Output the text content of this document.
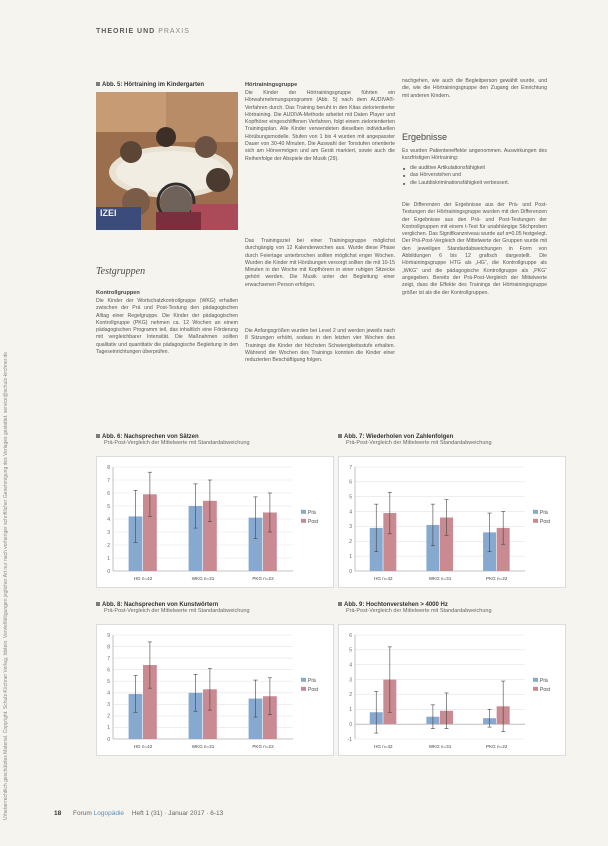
THEORIE UND PRAXIS
Urheberrechtlich geschütztes Material. Copyright: Schulz-Kirchner Verlag, Idstein. Vervielfältigungen jeglicher Art nur nach vorheriger schriftlicher Genehmigung des Verlages gestattet. service@schulz-kirchner.de
Abb. 5: Hörtraining im Kindergarten
IZEI
Testgruppen
Kontrollgruppen
Die Kinder der Wortschatzkontrollgruppe (WKG) erhalten zwischen der Prä und Post-Testung den pädagogischen Alltag einer Regelgruppe. Die Kinder der pädagogischen Kontrollgruppe (PKG) nehmen ca. 12 Wochen an einem pädagogischen Programm teil, das inhaltlich eine Förderung mit vergleichbarer Intensität. Die Maßnahmen sollten qualitativ und quantitativ die pädagogische Begleitung in den Tageseinrichtungen überprüfen.
Hörtrainingsgruppe
Die Kinder der Hörtrainingsgruppe führten ein Hörwahrnehmungsprogramm (Abb. 5) nach dem AUDIVA®-Verfahren durch. Das Training beruht in den Kitas zielorientierter Hörtraining. Die AUDIVA-Methode arbeitet mit Daten Player und Kopfhörer eingeschliffenen Verfahren, folgt einem zielorientierten Trainingsplan. Alle Kinder verwendeten dieselben individuellen Hörübungsmodelle. Stufen von 1 bis 4 wurden mit angepasster Dauer von 30-40 Minuten. Die Auswahl der Tonstufen orientierte sich am Hörvermögen und am Gerät markiert, sowie auch die Reihenfolge der Abspiele der Musik (29).
Das Trainingsziel bei einer Trainingsgruppe möglichst durchgängig von 12 Kalenderwochen aus. Wurde diese Phase durch Feiertage unterbrochen sollten möglichst enger Wochen. Wurden die Kinder mit Hörübungen versorgt sollten die mit 10-15 Minuten in der Woche mit Kopfhörern in einer ruhigen Sitzecke gehört werden. Die Musik unter der Begleitung einer erwachsenen Person erfolgen.
Die Anfangsgrößen wurden bei Level 2 und werden jeweils nach 8 Sitzungen erhöht, sodass in den letzten vier Wochen des Trainings die Kinder der höchsten Schwierigkeitsstufe erhalten. Während der Wochen des Trainings konnten die Kinder einer reduzierten Beschäftigung folgen.
nachgehen, wie auch die Begleitperson gewählt wurde, und die, wie die Hörtrainingsgruppe den Zugang der Einrichtung mit anderen Kindern.
Ergebnisse
Es wurden Patienteneffekte angenommen. Auswirkungen des kurzfristigen Hörtraining:
■ die auditive Artikulationsfähigkeit
■ das Hörverstehen und
■ die Lautdiskriminationsfähigkeit verbessert.
Die Differenzen der Ergebnisse aus der Prä- und Post-Testungen der Hörtrainingsgruppe wurden mit den Differenzen der Ergebnisse aus den Prä- und Post-Testungen der Kontrollgruppen mit einem t-Test für unabhängige Stichproben verglichen. Das Signifikanzniveau wurde auf α=0.05 festgelegt. Der Prä-Post-Vergleich der Mittelwerte der Gruppen wurde mit den jeweiligen Standardabweichungen in Form von Abbildungen 6 bis 12 grafisch dargestellt. Die Hörtrainingsgruppe HTG als „HG“, die Kontrollgruppe als „WKG“ und die pädagogische Kontrollgruppe als „PKG“ angegeben. Bereits der Prä-Post-Vergleich der Mittelwerte zeigt, dass die Effekte des Trainings der Hörtrainingsgruppe größer ist als die der Kontrollgruppen.
Abb. 6: Nachsprechen von Sätzen
Prä-Post-Vergleich der Mittelwerte mit Standardabweichung
0
1
2
3
4
5
6
7
8
HG n=42	WKG n=31	PKG n=22
Prä
Post
Abb. 7: Wiederholen von Zahlenfolgen
Prä-Post-Vergleich der Mittelwerte mit Standardabweichung
0
1
2
3
4
5
6
7
HG n=42	WKG n=31	PKG n=22
Prä
Post
Abb. 8: Nachsprechen von Kunstwörtern
Prä-Post-Vergleich der Mittelwerte mit Standardabweichung
0
1
2
3
4
5
6
7
8
9
HG n=42	WKG n=31	PKG n=22
Prä
Post
Abb. 9: Hochtonverstehen > 4000 Hz
Prä-Post-Vergleich der Mittelwerte mit Standardabweichung
-1
0
1
2
3
4
5
6
HG n=42	WKG n=31	PKG n=22
Prä
Post
18 Forum Logopädie Heft 1 (31) · Januar 2017 · 6-13
